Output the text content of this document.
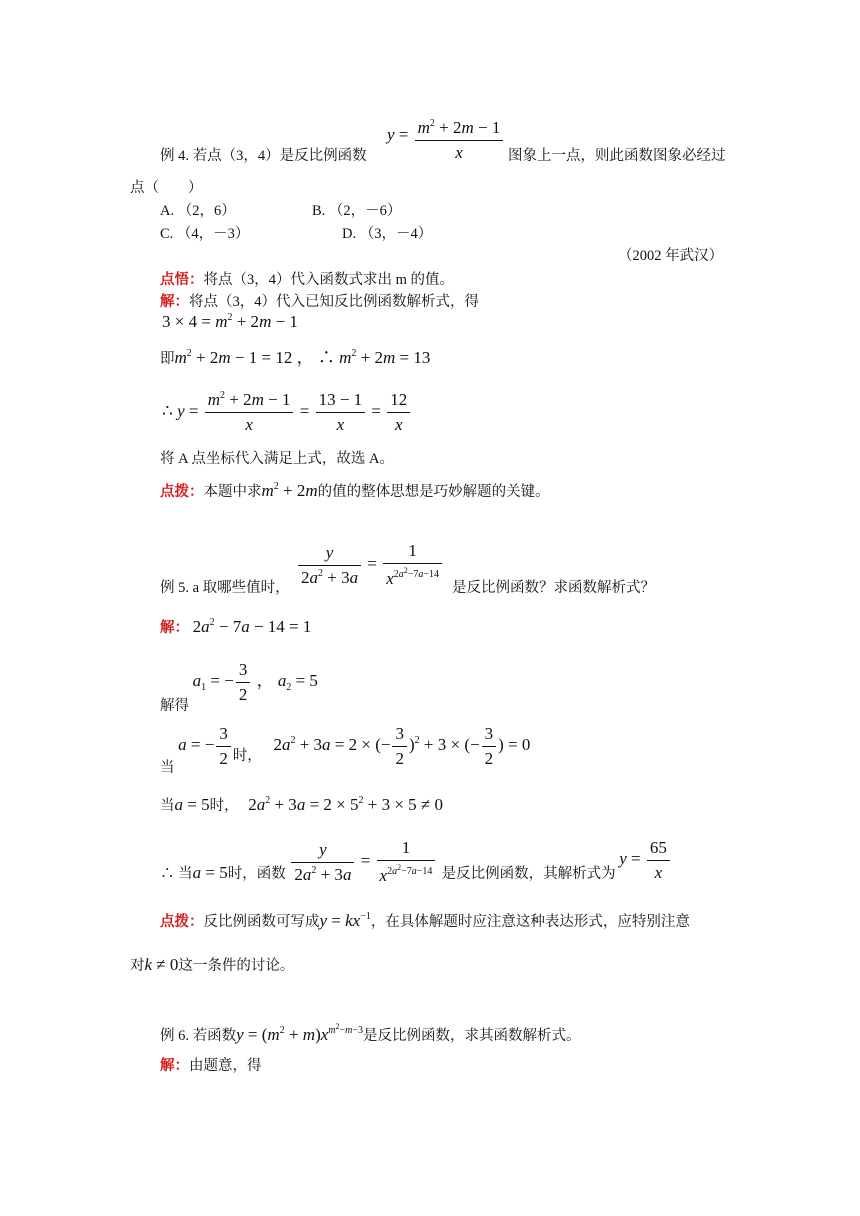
例 4. 若点（3，4）是反比例函数
$y = \frac{m^2 + 2m - 1}{x}$ 图象上一点，则此函数图象必经过
点（　　）
A. （2，6）	B. （2，－6）
C. （4，－3）	D. （3，－4）
（2002 年武汉）
点悟：将点（3，4）代入函数式求出 m 的值。
解：将点（3，4）代入已知反比例函数解析式，得
$3 \times 4 = m^2 + 2m - 1$
即$m^2 + 2m - 1 = 12$ ， ∴ $m^2 + 2m = 13$
∴ $y = \frac{m^2 + 2m - 1}{x} = \frac{13 - 1}{x} = \frac{12}{x}$
将 A 点坐标代入满足上式，故选 A。
点拨：本题中求$m^2 + 2m$的值的整体思想是巧妙解题的关键。
例 5. a 取哪些值时，
$\frac{y}{2a^2 + 3a} = \frac{1}{x^{2a^2-7a-14}}$ 是反比例函数？求函数解析式？
解： $2a^2 - 7a - 14 = 1$
解得 $a_1$ = − $\frac{3}{2}$ ， $a_2 = 5$
当 a = − $\frac{3}{2}$ 时， $2a^2 + 3a = 2$ × (− $\frac{3}{2} )^2 + 3$ × (− $\frac{3}{2}$ ) = 0
当a = 5时， $2a^2 + 3a = 2 \times 5^2 + 3 \times 5 \ne 0$
∴ 当a = 5时，函数 $\frac{y}{2a^2 + 3a} = \frac{1}{x^{2a^2-7a-14}}$ 是反比例函数，其解析式为 $y = \frac{65}{x}$
点拨：反比例函数可写成$y = kx^{-1}$，在具体解题时应注意这种表达形式，应特别注意
对k ≠ 0这一条件的讨论。
例 6. 若函数$y = (m^2 + m)x^{m^2-m-3}$是反比例函数，求其函数解析式。
解：由题意，得
